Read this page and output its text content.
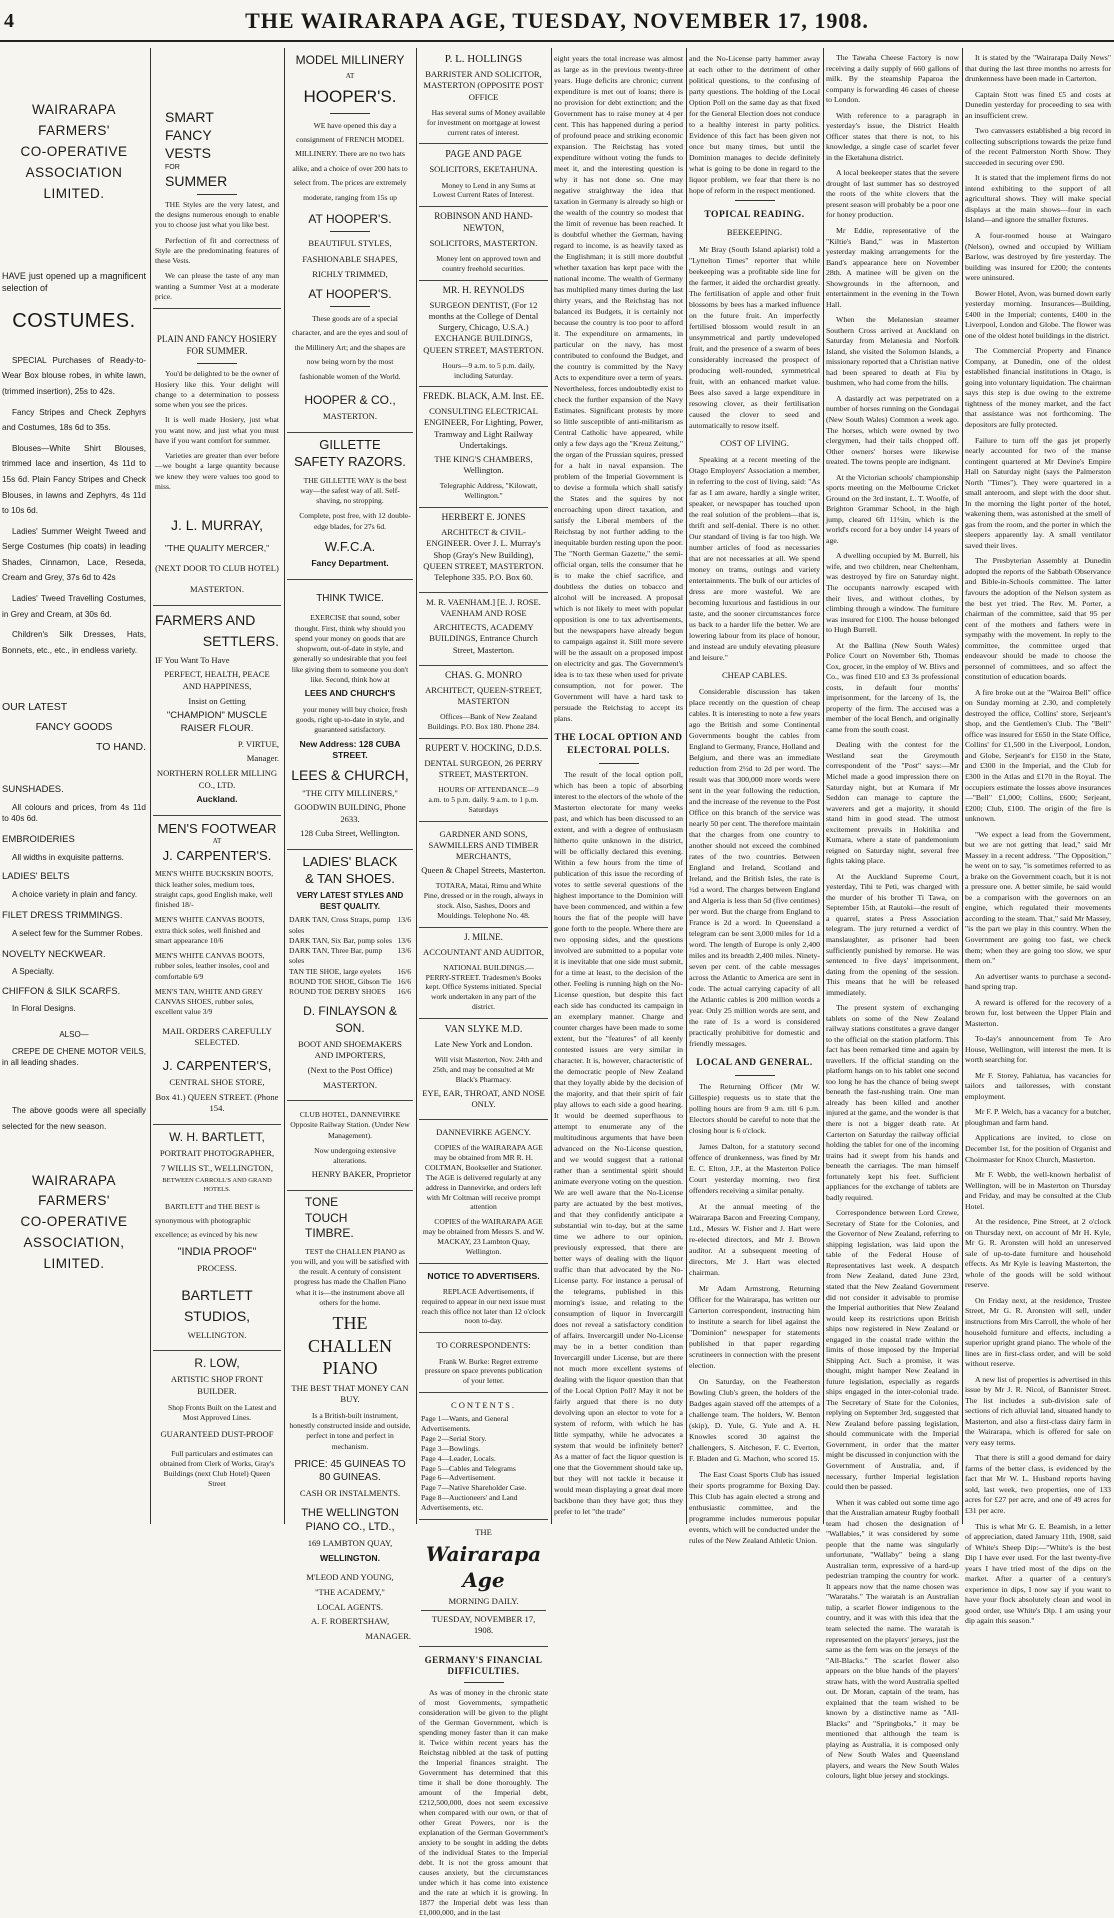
4	THE WAIRARAPA AGE, TUESDAY, NOVEMBER 17, 1908.
WAIRARAPA
FARMERS'
CO-OPERATIVE
ASSOCIATION
LIMITED.
HAVE just opened up a magnificent selection of
COSTUMES.
SPECIAL Purchases of Ready-to-Wear Box blouse robes, in white lawn, (trimmed insertion), 25s to 42s.
Fancy Stripes and Check Zephyrs and Costumes, 18s 6d to 35s.
Blouses—White Shirt Blouses, trimmed lace and insertion, 4s 11d to 15s 6d. Plain Fancy Stripes and Check Blouses, in lawns and Zephyrs, 4s 11d to 10s 6d.
Ladies' Summer Weight Tweed and Serge Costumes (hip coats) in leading Shades, Cinnamon, Lace, Reseda, Cream and Grey, 37s 6d to 42s
Ladies' Tweed Travelling Costumes, in Grey and Cream, at 30s 6d.
Children's Silk Dresses, Hats, Bonnets, etc., etc., in endless variety.
OUR LATEST
FANCY GOODS
TO HAND.
SUNSHADES.
All colours and prices, from 4s 11d to 40s 6d.
EMBROIDERIES
All widths in exquisite patterns.
LADIES' BELTS
A choice variety in plain and fancy.
FILET DRESS TRIMMINGS.
A select few for the Summer Robes.
NOVELTY NECKWEAR.
A Specialty.
CHIFFON & SILK SCARFS.
In Floral Designs.
ALSO—
CREPE DE CHENE MOTOR VEILS, in all leading shades.
The above goods were all specially selected for the new season.
WAIRARAPA
FARMERS'
CO-OPERATIVE
ASSOCIATION,
LIMITED.
SMART
FANCY
VESTS
FOR
SUMMER
THE Styles are the very latest, and the designs numerous enough to enable you to choose just what you like best.
Perfection of fit and correctness of Style are the predominating features of these Vests.
We can please the taste of any man wanting a Summer Vest at a moderate price.
PLAIN AND FANCY HOSIERY FOR SUMMER.
You'd be delighted to be the owner of Hosiery like this. Your delight will change to a determination to possess some when you see the prices.
It is well made Hosiery, just what you want now, and just what you must have if you want comfort for summer.
Varieties are greater than ever before —we bought a large quantity because we knew they were values too good to miss.
J. L. MURRAY,
"THE QUALITY MERCER,"
(NEXT DOOR TO CLUB HOTEL)
MASTERTON.
FARMERS AND
SETTLERS.
IF You Want To Have
PERFECT, HEALTH, PEACE AND HAPPINESS,
Insist on Getting
"CHAMPION" MUSCLE RAISER FLOUR.
P. VIRTUE,
Manager.
NORTHERN ROLLER MILLING CO., LTD.
Auckland.
MEN'S FOOTWEAR
AT
J. CARPENTER'S.
MEN'S WHITE BUCKSKIN BOOTS, thick leather soles, medium toes, straight caps, good English make, well finished 18/-
MEN'S WHITE CANVAS BOOTS, extra thick soles, well finished and smart appearance 10/6
MEN'S WHITE CANVAS BOOTS, rubber soles, leather insoles, cool and comfortable 6/9
MEN'S TAN, WHITE AND GREY CANVAS SHOES, rubber soles, excellent value 3/9
MAIL ORDERS CAREFULLY SELECTED.
J. CARPENTER'S,
CENTRAL SHOE STORE,
Box 41.) QUEEN STREET. (Phone 154.
W. H. BARTLETT,
PORTRAIT PHOTOGRAPHER,
7 WILLIS ST., WELLINGTON,
BETWEEN CARROLL'S AND GRAND HOTELS.
BARTLETT and THE BEST is synonymous with photographic excellence; as evinced by his new
"INDIA PROOF"
PROCESS.
BARTLETT
STUDIOS,
WELLINGTON.
R. LOW,
ARTISTIC SHOP FRONT BUILDER.
Shop Fronts Built on the Latest and Most Approved Lines.
GUARANTEED DUST-PROOF
Full particulars and estimates can obtained from Clerk of Works, Gray's Buildings (next Club Hotel) Queen Street
MODEL MILLINERY
AT
HOOPER'S.
WE have opened this day a consignment of FRENCH MODEL MILLINERY. There are no two hats alike, and a choice of over 200 hats to select from. The prices are extremely moderate, ranging from 15s up
AT HOOPER'S.
BEAUTIFUL STYLES, FASHIONABLE SHAPES, RICHLY TRIMMED,
AT HOOPER'S.
These goods are of a special character, and are the eyes and soul of the Millinery Art; and the shapes are now being worn by the most fashionable women of the World.
HOOPER & CO.,
MASTERTON.
GILLETTE
SAFETY RAZORS.
THE GILLETTE WAY is the best way—the safest way of all. Self-shaving, no stropping.
Complete, post free, with 12 double-edge blades, for 27s 6d.
W.F.C.A.
Fancy Department.
THINK TWICE.
EXERCISE that sound, sober thought. First, think why should you spend your money on goods that are shopworn, out-of-date in style, and generally so undesirable that you feel like giving them to someone you don't like. Second, think how at
LEES AND CHURCH'S
your money will buy choice, fresh goods, right up-to-date in style, and guaranteed satisfactory.
New Address: 128 CUBA STREET.
LEES & CHURCH,
"THE CITY MILLINERS,"
GOODWIN BUILDING, Phone 2633.
128 Cuba Street, Wellington.
LADIES' BLACK
& TAN SHOES.
VERY LATEST STYLES AND BEST QUALITY.
DARK TAN, Cross Straps, pump soles
13/6
DARK TAN, Six Bar, pump soles 13/6
DARK TAN, Three Bar, pump soles
13/6
TAN TIE SHOE, large eyelets 16/6
ROUND TOE SHOE, Gibson Tie 16/6
ROUND TOE DERBY SHOES 16/6
D. FINLAYSON & SON.
BOOT AND SHOEMAKERS AND IMPORTERS,
(Next to the Post Office)
MASTERTON.
CLUB HOTEL, DANNEVIRKE Opposite Railway Station. (Under New Management).
Now undergoing extensive alterations.
HENRY BAKER, Proprietor
TONE
TOUCH
TIMBRE.
TEST the CHALLEN PIANO as you will, and you will be satisfied with the result. A century of consistent progress has made the Challen Piano what it is—the instrument above all others for the home.
THE
CHALLEN
PIANO
THE BEST THAT MONEY CAN BUY.
Is a British-built instrument, honestly constructed inside and outside, perfect in tone and perfect in mechanism.
PRICE: 45 GUINEAS TO 80 GUINEAS.
CASH OR INSTALMENTS.
THE WELLINGTON PIANO CO., LTD.,
169 LAMBTON QUAY,
WELLINGTON.
M'LEOD AND YOUNG,
"THE ACADEMY,"
LOCAL AGENTS.
A. F. ROBERTSHAW,
MANAGER.
P. L. HOLLINGS
BARRISTER AND SOLICITOR, MASTERTON (OPPOSITE POST OFFICE
Has several sums of Money available for investment on mortgage at lowest current rates of interest.
PAGE AND PAGE
SOLICITORS, EKETAHUNA.
Money to Lend in any Sums at Lowest Current Rates of Interest.
ROBINSON AND HAND-NEWTON,
SOLICITORS, MASTERTON.
Money lent on approved town and country freehold securities.
MR. H. REYNOLDS
SURGEON DENTIST, (For 12 months at the College of Dental Surgery, Chicago, U.S.A.) EXCHANGE BUILDINGS, QUEEN STREET, MASTERTON.
Hours—9 a.m. to 5 p.m. daily, including Saturday.
FREDK. BLACK, A.M. Inst. EE.
CONSULTING ELECTRICAL ENGINEER, For Lighting, Power, Tramway and Light Railway Undertakings.
THE KING'S CHAMBERS, Wellington.
Telegraphic Address, "Kilowatt, Wellington."
HERBERT E. JONES
ARCHITECT & CIVIL-ENGINEER. Over J. L. Murray's Shop (Gray's New Building), QUEEN STREET, MASTERTON. Telephone 335. P.O. Box 60.
M. R. VAENHAM.] [E. J. ROSE. VAENHAM AND ROSE
ARCHITECTS, ACADEMY BUILDINGS, Entrance Church Street, Masterton.
CHAS. G. MONRO
ARCHITECT, QUEEN-STREET, MASTERTON
Offices—Bank of New Zealand Buildings. P.O. Box 180. Phone 284.
RUPERT V. HOCKING, D.D.S.
DENTAL SURGEON, 26 PERRY STREET, MASTERTON.
HOURS OF ATTENDANCE—9 a.m. to 5 p.m. daily. 9 a.m. to 1 p.m. Saturdays
GARDNER AND SONS, SAWMILLERS AND TIMBER MERCHANTS,
Queen & Chapel Streets, Masterton.
TOTARA, Matai, Rimu and White Pine, dressed or in the rough, always in stock. Also, Sashes, Doors and Mouldings. Telephone No. 48.
J. MILNE.
ACCOUNTANT AND AUDITOR,
NATIONAL BUILDINGS.—PERRY-STREET. Tradesmen's Books kept. Office Systems initiated. Special work undertaken in any part of the district.
VAN SLYKE M.D.
Late New York and London.
Will visit Masterton, Nov. 24th and 25th, and may be consulted at Mr Black's Pharmacy.
EYE, EAR, THROAT, AND NOSE ONLY.
DANNEVIRKE AGENCY.
COPIES of the WAIRARAPA AGE may be obtained from MR R. H. COLTMAN, Bookseller and Stationer. The AGE is delivered regularly at any address in Dannevirke, and orders left with Mr Coltman will receive prompt attention
COPIES of the WAIRARAPA AGE may be obtained from Messrs S. and W. MACKAY, 23 Lambton Quay, Wellington.
NOTICE TO ADVERTISERS.
REPLACE Advertisements, if required to appear in our next issue must reach this office not later than 12 o'clock noon to-day.
TO CORRESPONDENTS:
Frank W. Burke: Regret extreme pressure on space prevents publication of your letter.
CONTENTS.
Page 1—Wants, and General Advertisements.
Page 2—Serial Story.
Page 3—Bowlings.
Page 4—Leader, Locals.
Page 5—Cables and Telegrams
Page 6—Advertisement.
Page 7—Native Shareholder Case.
Page 8—Auctioneers' and Land Advertisements, etc.
THE
Wairarapa Age
MORNING DAILY.
TUESDAY, NOVEMBER 17, 1908.
GERMANY'S FINANCIAL DIFFICULTIES.
As was of money in the chronic state of most Governments, sympathetic consideration will be given to the plight of the German Government, which is spending money faster than it can make it. Twice within recent years has the Reichstag nibbled at the task of putting the Imperial finances straight. The Government has determined that this time it shall be done thoroughly. The amount of the Imperial debt, £212,500,000, does not seem excessive when compared with our own, or that of other Great Powers, nor is the explanation of the German Government's anxiety to be sought in adding the debts of the individual States to the Imperial debt. It is not the gross amount that causes anxiety, but the circumstances under which it has come into existence and the rate at which it is growing. In 1877 the Imperial debt was less than £1,000,000, and in the last
eight years the total increase was almost as large as in the previous twenty-three years. Huge deficits are chronic; current expenditure is met out of loans; there is no provision for debt extinction; and the Government has to raise money at 4 per cent. This has happened during a period of profound peace and striking economic expansion. The Reichstag has voted expenditure without voting the funds to meet it, and the interesting question is why it has not done so. One may negative straightway the idea that taxation in Germany is already so high or the wealth of the country so modest that the limit of revenue has been reached. It is doubtful whether the German, having regard to income, is as heavily taxed as the Englishman; it is still more doubtful whether taxation has kept pace with the national income. The wealth of Germany has multiplied many times during the last thirty years, and the Reichstag has not balanced its Budgets, it is certainly not because the country is too poor to afford it. The expenditure on armaments, in particular on the navy, has most contributed to confound the Budget, and the country is committed by the Navy Acts to expenditure over a term of years. Nevertheless, forces undoubtedly exist to check the further expansion of the Navy Estimates. Significant protests by more so little susceptible of anti-militarism as Central Catholic have appeared, while only a few days ago the "Kreuz Zeitung," the organ of the Prussian squires, pressed for a halt in naval expansion. The problem of the Imperial Government is to devise a formula which shall satisfy the States and the squires by not encroaching upon direct taxation, and satisfy the Liberal members of the Reichstag by not further adding to the inequitable burden resting upon the poor. The "North German Gazette," the semi-official organ, tells the consumer that he is to make the chief sacrifice, and doubtless the duties on tobacco and alcohol will be increased. A proposal which is not likely to meet with popular opposition is one to tax advertisements, but the newspapers have already begun to campaign against it. Still more severe will be the assault on a proposed impost on electricity and gas. The Government's idea is to tax these when used for private consumption, not for power. The Government will have a hard task to persuade the Reichstag to accept its plans.
THE LOCAL OPTION AND ELECTORAL POLLS.
The result of the local option poll, which has been a topic of absorbing interest to the electors of the whole of the Masterton electorate for many weeks past, and which has been discussed to an extent, and with a degree of enthusiasm hitherto quite unknown in the district, will be officially declared this evening. Within a few hours from the time of publication of this issue the recording of votes to settle several questions of the highest importance to the Dominion will have been commenced, and within a few hours the fiat of the people will have gone forth to the people. Where there are two opposing sides, and the questions involved are submitted to a popular vote it is inevitable that one side must submit, for a time at least, to the decision of the other. Feeling is running high on the No-License question, but despite this fact each side has conducted its campaign in an exemplary manner. Charge and counter charges have been made to some extent, but the "features" of all keenly contested issues are very similar in character. It is, however, characteristic of the democratic people of New Zealand that they loyally abide by the decision of the majority, and that their spirit of fair play allows to each side a good hearing. It would be deemed superfluous to attempt to enumerate any of the multitudinous arguments that have been advanced on the No-License question, and we would suggest that a rational rather than a sentimental spirit should animate everyone voting on the question. We are well aware that the No-License party are actuated by the best motives, and that they confidently anticipate a substantial win to-day, but at the same time we adhere to our opinion, previously expressed, that there are better ways of dealing with the liquor traffic than that advocated by the No-License party. For instance a perusal of the telegrams, published in this morning's issue, and relating to the consumption of liquor in Invercargill does not reveal a satisfactory condition of affairs. Invercargill under No-License may be in a better condition than Invercargill under License, but are there not much more excellent systems of dealing with the liquor question than that of the Local Option Poll? May it not be fairly argued that there is no duty devolving upon an elector to vote for a system of reform, with which he has little sympathy, while he advocates a system that would be infinitely better? As a matter of fact the liquor question is one that the Government should take up, but they will not tackle it because it would mean displaying a great deal more backbone than they have got; thus they prefer to let "the trade"
and the No-License party hammer away at each other to the detriment of other political questions, to the confusing of party questions. The holding of the Local Option Poll on the same day as that fixed for the General Election does not conduce to a healthy interest in party politics. Evidence of this fact has been given not once but many times, but until the Dominion manages to decide definitely what is going to be done in regard to the liquor problem, we fear that there is no hope of reform in the respect mentioned.
TOPICAL READING.
BEEKEEPING.
Mr Bray (South Island apiarist) told a "Lyttelton Times" reporter that while beekeeping was a profitable side line for the farmer, it aided the orchardist greatly. The fertilisation of apple and other fruit blossoms by bees has a marked influence on the future fruit. An imperfectly fertilised blossom would result in an unsymmetrical and partly undeveloped fruit, and the presence of a swarm of bees considerably increased the prospect of producing well-rounded, symmetrical fruit, with an enhanced market value. Bees also saved a large expenditure in resowing clover, as their fertilisation caused the clover to seed and automatically to resow itself.
COST OF LIVING.
Speaking at a recent meeting of the Otago Employers' Association a member, in referring to the cost of living, said: "As far as I am aware, hardly a single writer, speaker, or newspaper has touched upon the real solution of the problem—that is, thrift and self-denial. There is no other. Our standard of living is far too high. We number articles of food as necessaries that are not necessaries at all. We spend money on trams, outings and variety entertainments. The bulk of our articles of dress are more wasteful. We are becoming luxurious and fastidious in our taste, and the sooner circumstances force us back to a harder life the better. We are lowering labour from its place of honour, and instead are unduly elevating pleasure and leisure."
CHEAP CABLES.
Considerable discussion has taken place recently on the question of cheap cables. It is interesting to note a few years ago the British and some Continental Governments bought the cables from England to Germany, France, Holland and Belgium, and there was an immediate reduction from 2½d to 2d per word. The result was that 300,000 more words were sent in the year following the reduction, and the increase of the revenue to the Post Office on this branch of the service was nearly 50 per cent. The therefore maintain that the charges from one country to another should not exceed the combined rates of the two countries. Between England and Ireland, Scotland and Ireland, and the British Isles, the rate is ½d a word. The charges between England and Algeria is less than 5d (five centimes) per word. But the charge from England to France is 2d a word. In Queensland a telegram can be sent 3,000 miles for 1d a word. The length of Europe is only 2,400 miles and its breadth 2,400 miles. Ninety-seven per cent. of the cable messages across the Atlantic to America are sent in code. The actual carrying capacity of all the Atlantic cables is 200 million words a year. Only 25 million words are sent, and the rate of 1s a word is considered practically prohibitive for domestic and friendly messages.
LOCAL AND GENERAL.
The Returning Officer (Mr W. Gillespie) requests us to state that the polling hours are from 9 a.m. till 6 p.m. Electors should be careful to note that the closing hour is 6 o'clock.
James Dalton, for a statutory second offence of drunkenness, was fined by Mr E. C. Elton, J.P., at the Masterton Police Court yesterday morning, two first offenders receiving a similar penalty.
At the annual meeting of the Wairarapa Bacon and Freezing Company, Ltd., Messrs W. Fisher and J. Hart were re-elected directors, and Mr J. Brown auditor. At a subsequent meeting of directors, Mr J. Hart was elected chairman.
Mr Adam Armstrong, Returning Officer for the Wairarapa, has written our Carterton correspondent, instructing him to institute a search for libel against the "Dominion" newspaper for statements published in that paper regarding scrutineers in connection with the present election.
On Saturday, on the Featherston Bowling Club's green, the holders of the Badges again staved off the attempts of a challenge team. The holders, W. Benton (skip), D. Yule, G. Yule and A. H. Knowles scored 30 against the challengers, S. Aitcheson, F. C. Everton, F. Bladen and G. Machon, who scored 15.
The East Coast Sports Club has issued their sports programme for Boxing Day. This Club has again elected a strong and enthusiastic committee, and the programme includes numerous popular events, which will be conducted under the rules of the New Zealand Athletic Union.
The Tawaha Cheese Factory is now receiving a daily supply of 660 gallons of milk. By the steamship Paparoa the company is forwarding 46 cases of cheese to London.
With reference to a paragraph in yesterday's issue, the District Health Officer states that there is not, to his knowledge, a single case of scarlet fever in the Eketahuna district.
A local beekeeper states that the severe drought of last summer has so destroyed the roots of the white clovers that the present season will probably be a poor one for honey production.
Mr Eddie, representative of the "Kiltie's Band," was in Masterton yesterday making arrangements for the Band's appearance here on November 28th. A matinee will be given on the Showgrounds in the afternoon, and entertainment in the evening in the Town Hall.
When the Melanesian steamer Southern Cross arrived at Auckland on Saturday from Melanesia and Norfolk Island, she visited the Solomon Islands, a missionary reported that a Christian native had been speared to death at Fiu by bushmen, who had come from the hills.
A dastardly act was perpetrated on a number of horses running on the Gondagai (New South Wales) Common a week ago. The horses, which were owned by two clergymen, had their tails chopped off. Other owners' horses were likewise treated. The towns people are indignant.
At the Victorian schools' championship sports meeting on the Melbourne Cricket Ground on the 3rd instant, L. T. Woolfe, of Brighton Grammar School, in the high jump, cleared 6ft 11½in, which is the world's record for a boy under 14 years of age.
A dwelling occupied by M. Burrell, his wife, and two children, near Cheltenham, was destroyed by fire on Saturday night. The occupants narrowly escaped with their lives, and without clothes, by climbing through a window. The furniture was insured for £100. The house belonged to Hugh Burrell.
At the Ballina (New South Wales) Police Court on November 6th, Thomas Cox, grocer, in the employ of W. Blivs and Co., was fined £10 and £3 3s professional costs, in default four months' imprisonment, for the larceny of 1s, the property of the firm. The accused was a member of the local Bench, and originally came from the south coast.
Dealing with the contest for the Westland seat the Greymouth correspondent of the "Post" says:—Mr Michel made a good impression there on Saturday night, but at Kumara if Mr Seddon can manage to capture the waverers and get a majority, it should stand him in good stead. The utmost excitement prevails in Hokitika and Kumara, where a state of pandemonium reigned on Saturday night, several free fights taking place.
At the Auckland Supreme Court, yesterday, Tihi te Peti, was charged with the murder of his brother Ti Tawa, on September 15th, at Rautoki—the result of a quarrel, states a Press Association telegram. The jury returned a verdict of manslaughter, as prisoner had been sufficiently punished by remorse. He was sentenced to five days' imprisonment, dating from the opening of the session. This means that he will be released immediately.
The present system of exchanging tablets on some of the New Zealand railway stations constitutes a grave danger to the official on the station platform. This fact has been remarked time and again by travellers. If the official standing on the platform hangs on to his tablet one second too long he has the chance of being swept beneath the fast-rushing train. One man already has been killed and another injured at the game, and the wonder is that there is not a bigger death rate. At Carterton on Saturday the railway official holding the tablet for one of the incoming trains had it swept from his hands and beneath the carriages. The man himself fortunately kept his feet. Sufficient appliances for the exchange of tablets are badly required.
Correspondence between Lord Crewe, Secretary of State for the Colonies, and the Governor of New Zealand, referring to shipping legislation, was laid upon the table of the Federal House of Representatives last week. A despatch from New Zealand, dated June 23rd, stated that the New Zealand Government did not consider it advisable to promise the Imperial authorities that New Zealand would keep its restrictions upon British ships now registered in New Zealand or engaged in the coastal trade within the limits of those imposed by the Imperial Shipping Act. Such a promise, it was thought, might hamper New Zealand in future legislation, especially as regards ships engaged in the inter-colonial trade. The Secretary of State for the Colonies, replying on September 3rd, suggested that New Zealand before passing legislation, should communicate with the Imperial Government, in order that the matter might be discussed in conjunction with the Government of Australia, and, if necessary, further Imperial legislation could then be passed.
When it was cabled out some time ago that the Australian amateur Rugby football team had chosen the designation of "Wallabies," it was considered by some people that the name was singularly unfortunate, "Wallaby" being a slang Australian term, expressive of a hard-up pedestrian tramping the country for work. It appears now that the name chosen was "Waratahs." The waratah is an Australian tulip, a scarlet flower indigenous to the country, and it was with this idea that the team selected the name. The waratah is represented on the players' jerseys, just the same as the fern was on the jerseys of the "All-Blacks." The scarlet flower also appears on the blue hands of the players' straw hats, with the word Australia spelled out. Dr Moran, captain of the team, has explained that the team wished to be known by a distinctive name as "All-Blacks" and "Springboks," it may be mentioned that although the team is playing as Australia, it is composed only of New South Wales and Queensland players, and wears the New South Wales colours, light blue jersey and stockings.
It is stated by the "Wairarapa Daily News" that during the last three months no arrests for drunkenness have been made in Carterton.
Captain Stott was fined £5 and costs at Dunedin yesterday for proceeding to sea with an insufficient crew.
Two canvassers established a big record in collecting subscriptions towards the prize fund of the recent Palmerston North Show. They succeeded in securing over £90.
It is stated that the implement firms do not intend exhibiting to the support of all agricultural shows. They will make special displays at the main shows—four in each Island—and ignore the smaller fixtures.
A four-roomed house at Waingaro (Nelson), owned and occupied by William Barlow, was destroyed by fire yesterday. The building was insured for £200; the contents were uninsured.
Bower Hotel, Avon, was burned down early yesterday morning. Insurances—Building, £400 in the Imperial; contents, £400 in the Liverpool, London and Globe. The flower was one of the oldest hotel buildings in the district.
The Commercial Property and Finance Company, at Dunedin, one of the oldest established financial institutions in Otago, is going into voluntary liquidation. The chairman says this step is due owing to the extreme tightness of the money market, and the fact that assistance was not forthcoming. The depositors are fully protected.
Failure to turn off the gas jet properly nearly accounted for two of the manse contingent quartered at Mr Devine's Empire Hall on Saturday night (says the Palmerston North "Times"). They were quartered in a small anteroom, and slept with the door shut. In the morning the light porter of the hotel, wakening them, was astonished at the smell of gas from the room, and the porter in which the sleepers apparently lay. A small ventilator saved their lives.
The Presbyterian Assembly at Dunedin adopted the reports of the Sabbath Observance and Bible-in-Schools committee. The latter favours the adoption of the Nelson system as the best yet tried. The Rev. M. Porter, a chairman of the committee, said that 95 per cent of the mothers and fathers were in sympathy with the movement. In reply to the committee, the committee urged that endeavour should be made to choose the personnel of committees, and so affect the constitution of education boards.
A fire broke out at the "Wairoa Bell" office on Sunday morning at 2.30, and completely destroyed the office, Collins' store, Serjeant's shop, and the Gentlemen's Club. The "Bell" office was insured for £650 in the State Office, Collins' for £1,500 in the Liverpool, London, and Globe, Serjeant's for £150 in the State, and £300 in the Imperial, and the Club for £300 in the Atlas and £170 in the Royal. The occupiers estimate the losses above insurances—"Bell" £1,000; Collins, £600; Serjeant, £200; Club, £100. The origin of the fire is unknown.
"We expect a lead from the Government, but we are not getting that lead," said Mr Massey in a recent address. "The Opposition," he went on to say, "is sometimes referred to as a brake on the Government coach, but it is not a pressure one. A better simile, he said would be a comparison with the governors on an engine, which regulated their movements according to the steam. That," said Mr Massey, "is the part we play in this country. When the Government are going too fast, we check them; when they are going too slow, we spur them on."
An advertiser wants to purchase a second-hand spring trap.
A reward is offered for the recovery of a brown fur, lost between the Upper Plain and Masterton.
To-day's announcement from Te Aro House, Wellington, will interest the men. It is worth searching for.
Mr F. Storey, Pahiatua, has vacancies for tailors and tailoresses, with constant employment.
Mr F. P. Welch, has a vacancy for a butcher, ploughman and farm hand.
Applications are invited, to close on December 1st, for the position of Organist and Choirmaster for Knox Church, Masterton.
Mr F. Webb, the well-known herbalist of Wellington, will be in Masterton on Thursday and Friday, and may be consulted at the Club Hotel.
At the residence, Pine Street, at 2 o'clock on Thursday next, on account of Mr H. Kyle, Mr G. R. Aronsten will hold an unreserved sale of up-to-date furniture and household effects. As Mr Kyle is leaving Masterton, the whole of the goods will be sold without reserve.
On Friday next, at the residence, Trustee Street, Mr G. R. Aronsten will sell, under instructions from Mrs Carroll, the whole of her household furniture and effects, including a superior upright grand piano. The whole of the lines are in first-class order, and will be sold without reserve.
A new list of properties is advertised in this issue by Mr J. R. Nicol, of Bannister Street. The list includes a sub-division sale of sections of rich alluvial land, situated handy to Masterton, and also a first-class dairy farm in the Wairarapa, which is offered for sale on very easy terms.
That there is still a good demand for dairy farms of the better class, is evidenced by the fact that Mr W. L. Husband reports having sold, last week, two properties, one of 133 acres for £27 per acre, and one of 49 acres for £31 per acre.
This is what Mr G. E. Beamish, in a letter of appreciation, dated January 11th, 1908, said of White's Sheep Dip:—"White's is the best Dip I have ever used. For the last twenty-five years I have tried most of the dips on the market. After a quarter of a century's experience in dips, I now say if you want to have your flock absolutely clean and wool in good order, use White's Dip. I am using your dip again this season."
